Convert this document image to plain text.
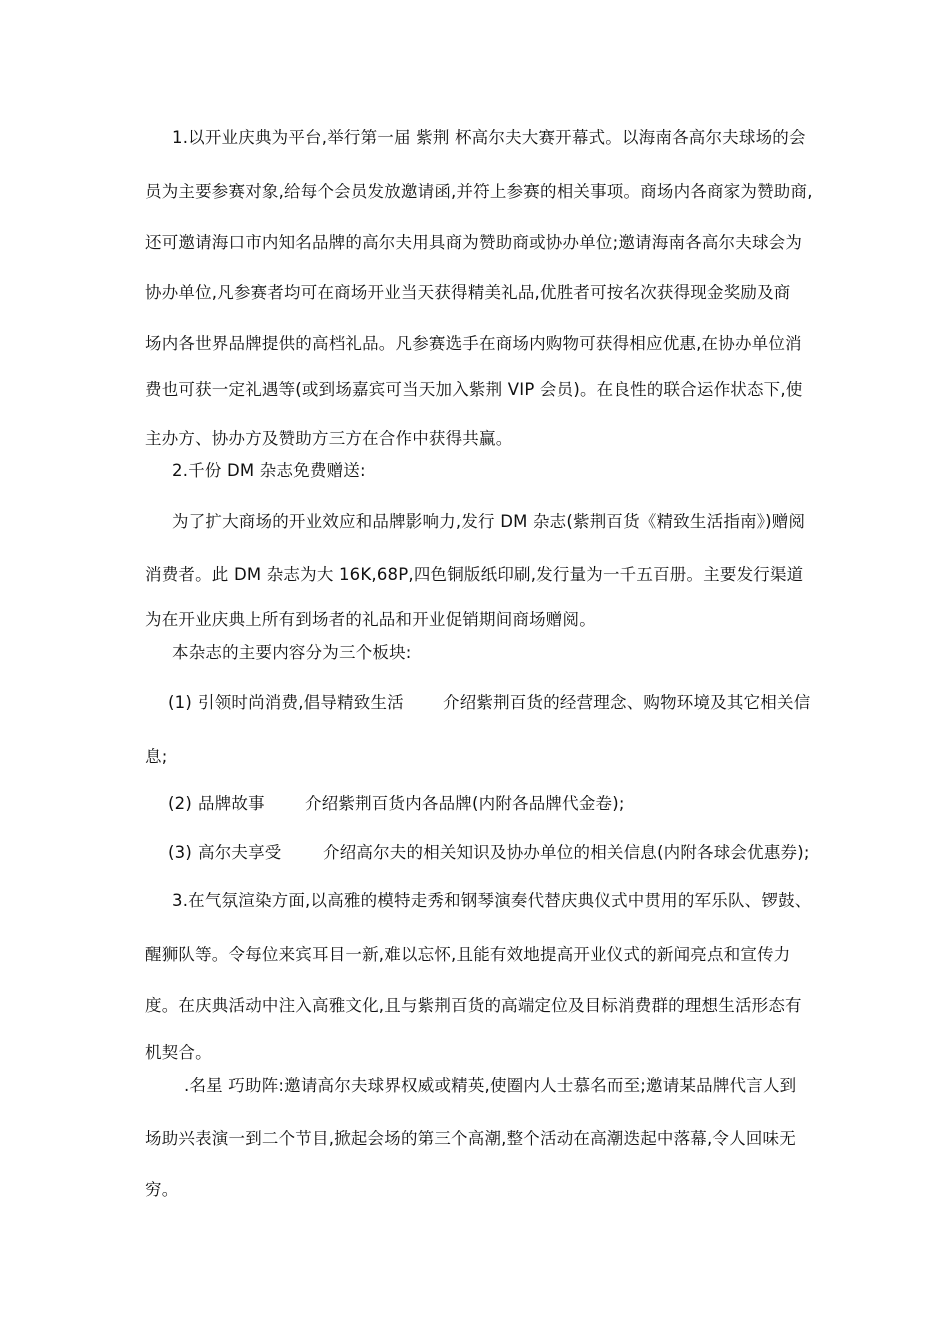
1.以开业庆典为平台,举行第一届 紫荆 杯高尔夫大赛开幕式。以海南各高尔夫球场的会
员为主要参赛对象,给每个会员发放邀请函,并符上参赛的相关事项。商场内各商家为赞助商,
还可邀请海口市内知名品牌的高尔夫用具商为赞助商或协办单位;邀请海南各高尔夫球会为
协办单位,凡参赛者均可在商场开业当天获得精美礼品,优胜者可按名次获得现金奖励及商
场内各世界品牌提供的高档礼品。凡参赛选手在商场内购物可获得相应优惠,在协办单位消
费也可获一定礼遇等(或到场嘉宾可当天加入紫荆 VIP 会员)。在良性的联合运作状态下,使
主办方、协办方及赞助方三方在合作中获得共赢。
2.千份 DM 杂志免费赠送:
为了扩大商场的开业效应和品牌影响力,发行 DM 杂志(紫荆百货《精致生活指南》)赠阅
消费者。此 DM 杂志为大 16K,68P,四色铜版纸印刷,发行量为一千五百册。主要发行渠道
为在开业庆典上所有到场者的礼品和开业促销期间商场赠阅。
本杂志的主要内容分为三个板块:
(1) 引领时尚消费,倡导精致生活 介绍紫荆百货的经营理念、购物环境及其它相关信
息;
(2) 品牌故事 介绍紫荆百货内各品牌(内附各品牌代金卷);
(3) 高尔夫享受	介绍高尔夫的相关知识及协办单位的相关信息(内附各球会优惠券);
3.在气氛渲染方面,以高雅的模特走秀和钢琴演奏代替庆典仪式中贯用的军乐队、锣鼓、
醒狮队等。令每位来宾耳目一新,难以忘怀,且能有效地提高开业仪式的新闻亮点和宣传力
度。在庆典活动中注入高雅文化,且与紫荆百货的高端定位及目标消费群的理想生活形态有
机契合。
.名星 巧助阵:邀请高尔夫球界权威或精英,使圈内人士慕名而至;邀请某品牌代言人到
场助兴表演一到二个节目,掀起会场的第三个高潮,整个活动在高潮迭起中落幕,令人回味无
穷。
